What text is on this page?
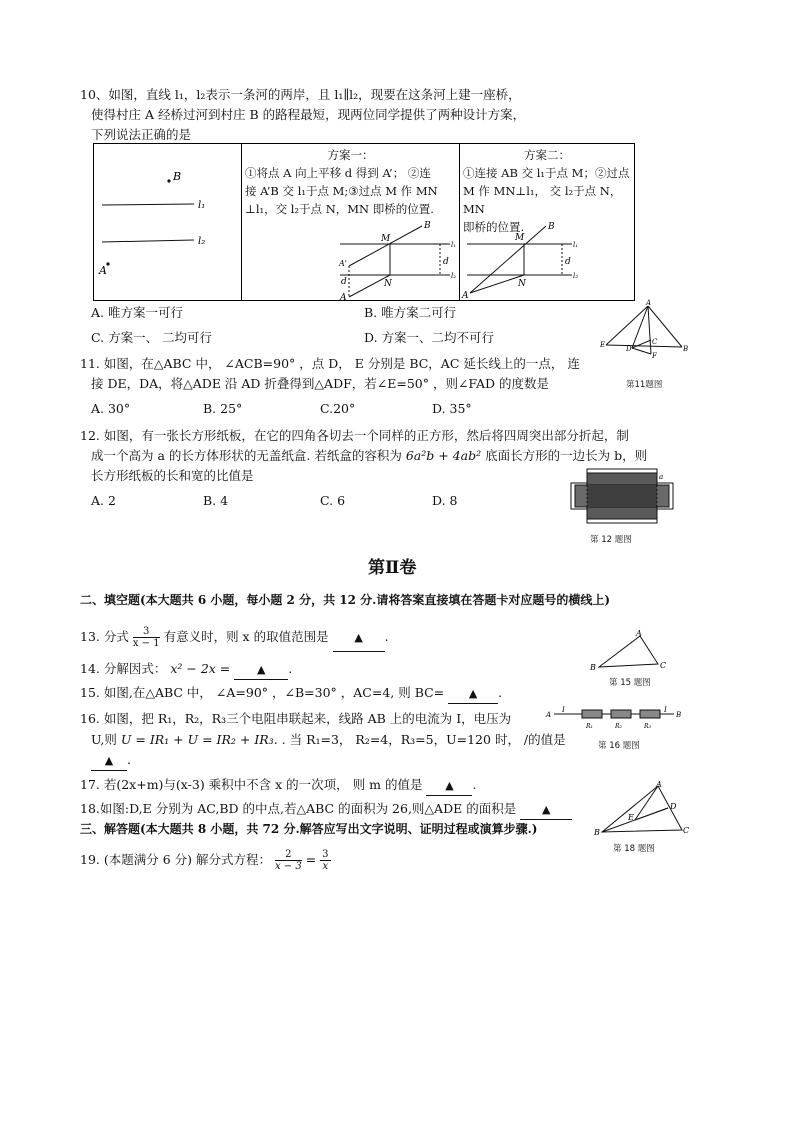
10、如图，直线 l₁，l₂表示一条河的两岸，且 l₁∥l₂，现要在这条河上建一座桥，
使得村庄 A 经桥过河到村庄 B 的路程最短，现两位同学提供了两种设计方案，
下列说法正确的是
B
l₁
l₂
A

方案一：
①将点 A 向上平移 d 得到 A’； ②连
接 A’B 交 l₁于点 M;③过点 M 作 MN
⊥l₁，交 l₂于点 N，MN 即桥的位置.
B
M
N
A'
A
d
d
l₁
l₂

方案二：
①连接 AB 交 l₁于点 M；②过点
M 作 MN⊥l₁， 交 l₂于点 N， MN
即桥的位置.	B
M
N
A
d
l₁
l₂
A. 唯方案一可行	B. 唯方案二可行
C. 方案一、 二均可行	D. 方案一、二均不可行
A
B
D
E	C
F
第11题图
11. 如图，在△ABC 中， ∠ACB=90° ，点 D， E 分别是 BC，AC 延长线上的一点， 连
接 DE，DA，将△ADE 沿 AD 折叠得到△ADF，若∠E=50° ，则∠FAD 的度数是
A. 30°	B. 25°	C.20°	D. 35°
12. 如图，有一张长方形纸板，在它的四角各切去一个同样的正方形，然后将四周突出部分折起，制
成一个高为 a 的长方体形状的无盖纸盒. 若纸盒的容积为 6a²b + 4ab² 底面长方形的一边长为 b，则
长方形纸板的长和宽的比值是
A. 2	B. 4	C. 6	D. 8
a
第 12 题图
第Ⅱ卷
二、填空题(本大题共 6 小题，每小题 2 分，共 12 分.请将答案直接填在答题卡对应题号的横线上)
13. 分式 $\frac{3}{x - 1}$ 有意义时，则 x 的取值范围是 ▲ .	A
B	C
第 15 题图
14. 分解因式： x² − 2x = ▲ .
15. 如图,在△ABC 中， ∠A=90° ，∠B=30° ，AC=4, 则 BC= ▲ .
16. 如图，把 R₁，R₂，R₃三个电阻串联起来，线路 AB 上的电流为 I，电压为
U,则 U = IR₁ + U = IR₂ + IR₃. . 当 R₁=3， R₂=4，R₃=5，U=120 时， /的值是
▲ .
A
I	I
B
R₁	R₂	R₃
第 16 题图
17. 若(2x+m)与(x-3) 乘积中不含 x 的一次项， 则 m 的值是 ▲ .
18.如图:D,E 分别为 AC,BD 的中点,若△ABC 的面积为 26,则△ADE 的面积是 ▲
A
B	C
D
E
第 18 题图
三、解答题(本大题共 8 小题，共 72 分.解答应写出文字说明、证明过程或演算步骤.)
19. (本题满分 6 分) 解分式方程： $\frac{2}{x - 3} = \frac{3}{x}$
